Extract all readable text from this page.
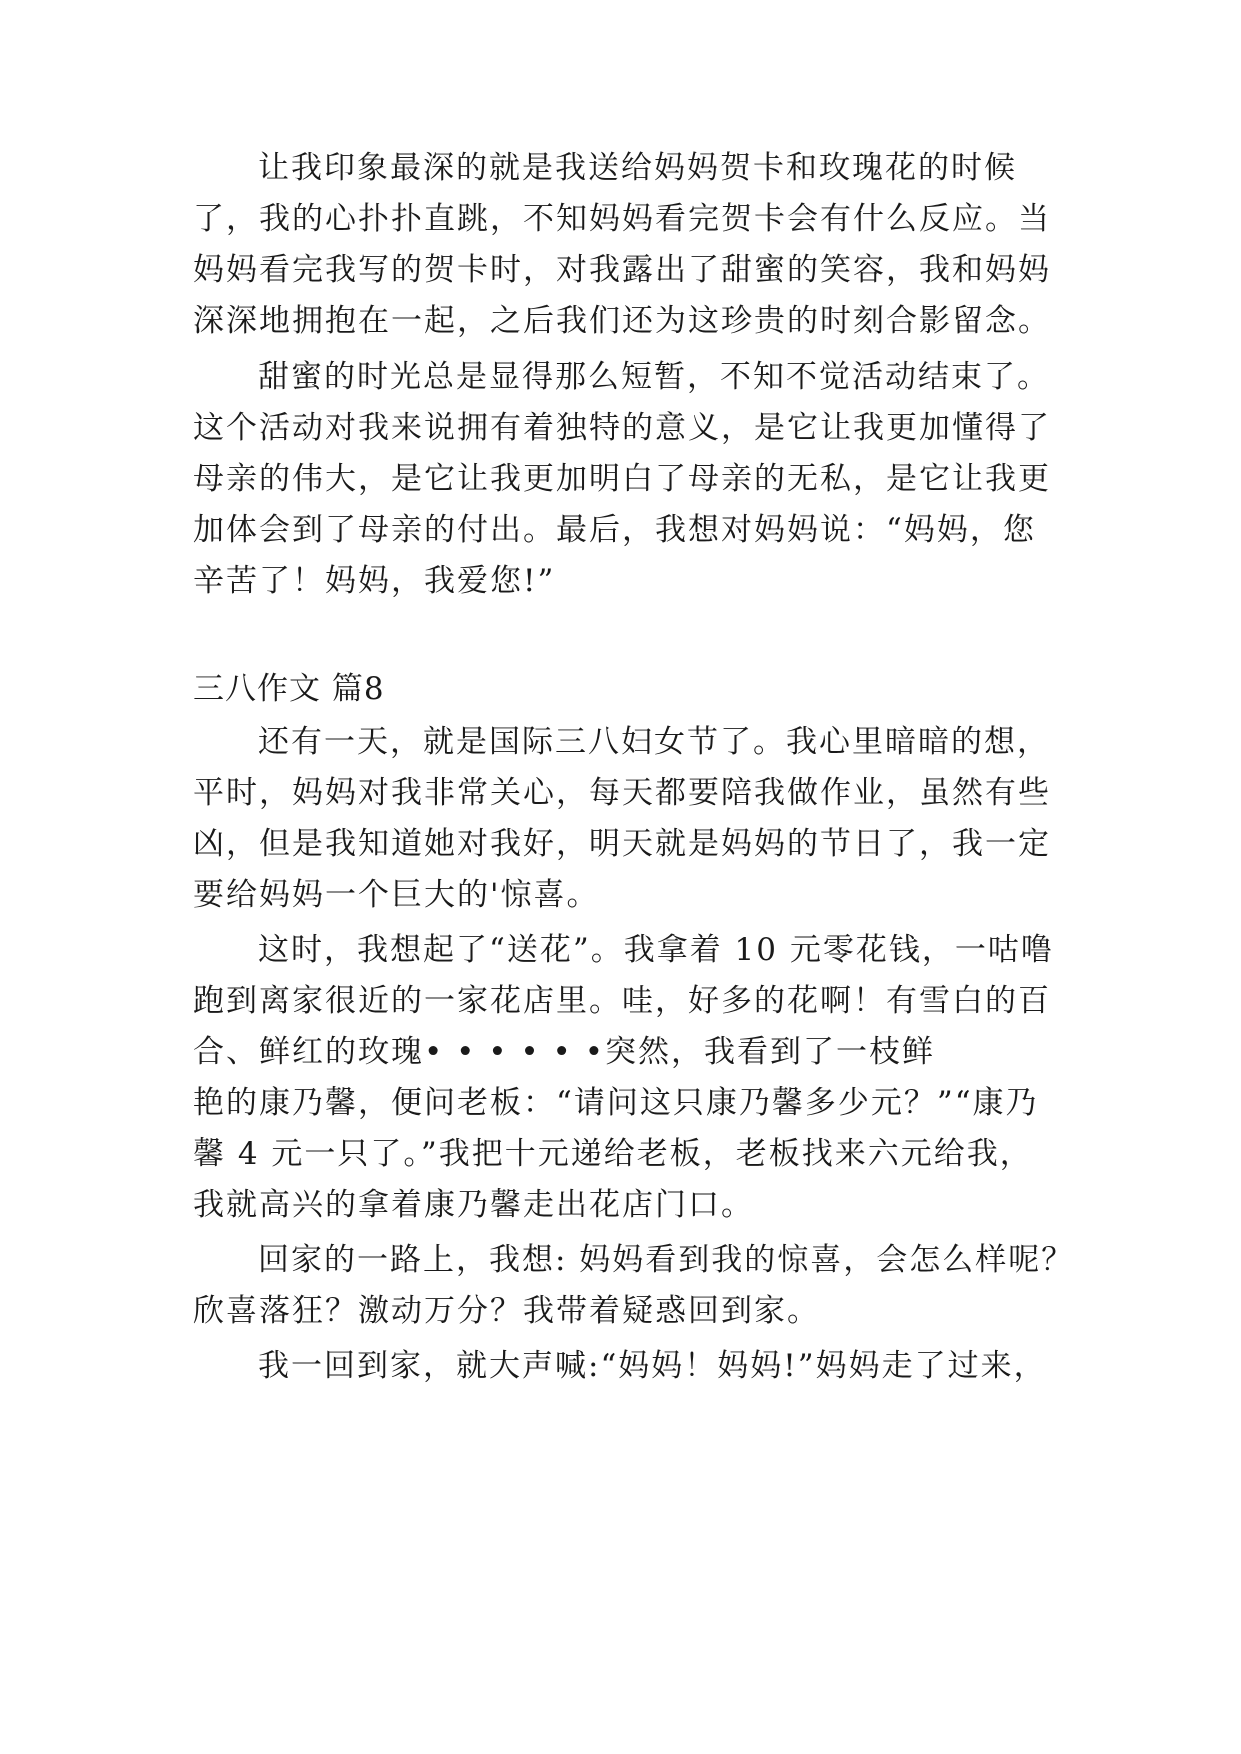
让我印象最深的就是我送给妈妈贺卡和玫瑰花的时候
了，我的心扑扑直跳，不知妈妈看完贺卡会有什么反应。当
妈妈看完我写的贺卡时，对我露出了甜蜜的笑容，我和妈妈
深深地拥抱在一起，之后我们还为这珍贵的时刻合影留念。
甜蜜的时光总是显得那么短暂，不知不觉活动结束了。
这个活动对我来说拥有着独特的意义，是它让我更加懂得了
母亲的伟大，是它让我更加明白了母亲的无私，是它让我更
加体会到了母亲的付出。最后，我想对妈妈说：“妈妈，您
辛苦了！妈妈，我爱您!”
三八作文 篇8
还有一天，就是国际三八妇女节了。我心里暗暗的想，
平时，妈妈对我非常关心，每天都要陪我做作业，虽然有些
凶，但是我知道她对我好，明天就是妈妈的节日了，我一定
要给妈妈一个巨大的'惊喜。
这时，我想起了“送花”。我拿着 10 元零花钱，一咕噜
跑到离家很近的一家花店里。哇，好多的花啊！有雪白的百
合、鲜红的玫瑰• • • • • •突然，我看到了一枝鲜
艳的康乃馨，便问老板：“请问这只康乃馨多少元？”“康乃
馨 4 元一只了。”我把十元递给老板，老板找来六元给我，
我就高兴的拿着康乃馨走出花店门口。
回家的一路上，我想: 妈妈看到我的惊喜，会怎么样呢？
欣喜落狂？激动万分？我带着疑惑回到家。
我一回到家，就大声喊:“妈妈！妈妈!”妈妈走了过来，
